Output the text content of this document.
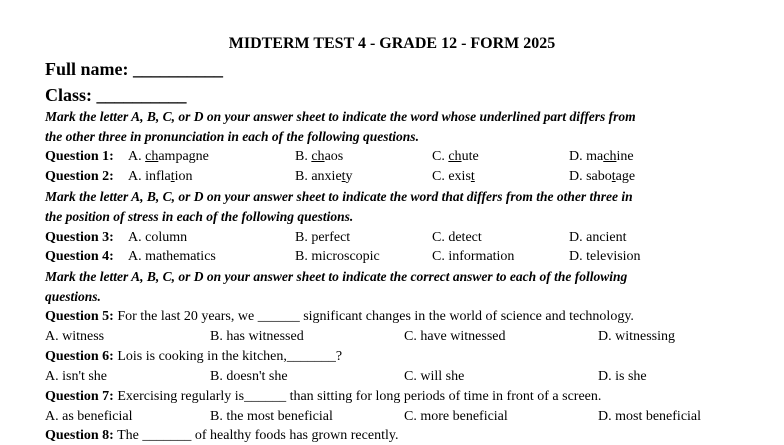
MIDTERM TEST 4 - GRADE 12 - FORM 2025
Full name: __________
Class: __________
Mark the letter A, B, C, or D on your answer sheet to indicate the word whose underlined part differs from
the other three in pronunciation in each of the following questions.
Question 1: A. champagne	B. chaos	C. chute	D. machine
Question 2: A. inflation	B. anxiety	C. exist	D. sabotage
Mark the letter A, B, C, or D on your answer sheet to indicate the word that differs from the other three in
the position of stress in each of the following questions.
Question 3: A. column	B. perfect	C. detect	D. ancient
Question 4: A. mathematics	B. microscopic	C. information	D. television
Mark the letter A, B, C, or D on your answer sheet to indicate the correct answer to each of the following
questions.
Question 5: For the last 20 years, we ______ significant changes in the world of science and technology.
A. witness	B. has witnessed	C. have witnessed	D. witnessing
Question 6: Lois is cooking in the kitchen,_______?
A. isn't she	B. doesn't she	C. will she	D. is she
Question 7: Exercising regularly is______ than sitting for long periods of time in front of a screen.
A. as beneficial	B. the most beneficial	C. more beneficial	D. most beneficial
Question 8: The _______ of healthy foods has grown recently.
